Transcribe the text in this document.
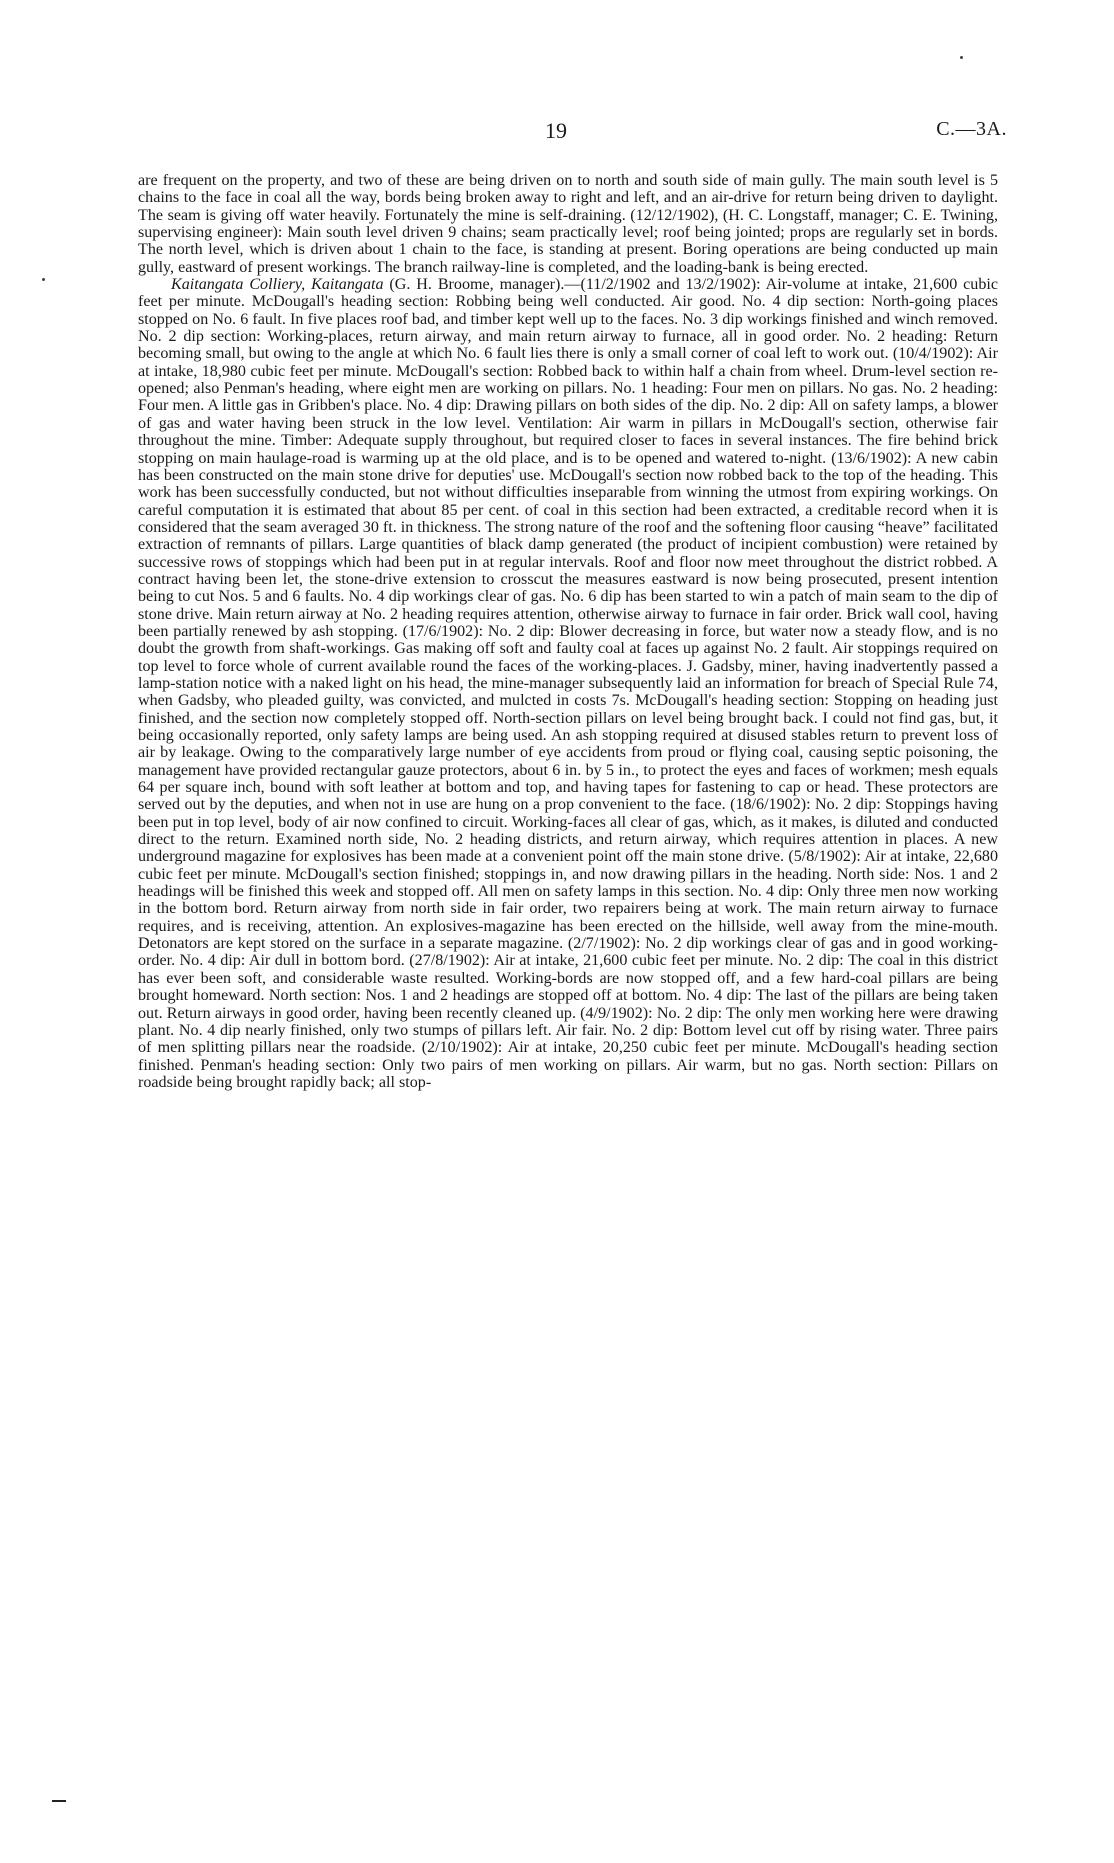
19	C.—3A.

are frequent on the property, and two of these are being driven on to north and south side of main gully. The main south level is 5 chains to the face in coal all the way, bords being broken away to right and left, and an air-drive for return being driven to daylight. The seam is giving off water heavily. Fortunately the mine is self-draining. (12/12/1902), (H. C. Longstaff, manager; C. E. Twining, supervising engineer): Main south level driven 9 chains; seam practically level; roof being jointed; props are regularly set in bords. The north level, which is driven about 1 chain to the face, is standing at present. Boring operations are being conducted up main gully, eastward of present workings. The branch railway-line is completed, and the loading-bank is being erected.

Kaitangata Colliery, Kaitangata (G. H. Broome, manager).—(11/2/1902 and 13/2/1902): Air-volume at intake, 21,600 cubic feet per minute. McDougall's heading section: Robbing being well conducted. Air good. No. 4 dip section: North-going places stopped on No. 6 fault. In five places roof bad, and timber kept well up to the faces. No. 3 dip workings finished and winch removed. No. 2 dip section: Working-places, return airway, and main return airway to furnace, all in good order. No. 2 heading: Return becoming small, but owing to the angle at which No. 6 fault lies there is only a small corner of coal left to work out. (10/4/1902): Air at intake, 18,980 cubic feet per minute. McDougall's section: Robbed back to within half a chain from wheel. Drum-level section re-opened; also Penman's heading, where eight men are working on pillars. No. 1 heading: Four men on pillars. No gas. No. 2 heading: Four men. A little gas in Gribben's place. No. 4 dip: Drawing pillars on both sides of the dip. No. 2 dip: All on safety lamps, a blower of gas and water having been struck in the low level. Ventilation: Air warm in pillars in McDougall's section, otherwise fair throughout the mine. Timber: Adequate supply throughout, but required closer to faces in several instances. The fire behind brick stopping on main haulage-road is warming up at the old place, and is to be opened and watered to-night. (13/6/1902): A new cabin has been constructed on the main stone drive for deputies' use. McDougall's section now robbed back to the top of the heading. This work has been successfully conducted, but not without difficulties inseparable from winning the utmost from expiring workings. On careful computation it is estimated that about 85 per cent. of coal in this section had been extracted, a creditable record when it is considered that the seam averaged 30 ft. in thickness. The strong nature of the roof and the softening floor causing “heave” facilitated extraction of remnants of pillars. Large quantities of black damp generated (the product of incipient combustion) were retained by successive rows of stoppings which had been put in at regular intervals. Roof and floor now meet throughout the district robbed. A contract having been let, the stone-drive extension to crosscut the measures eastward is now being prosecuted, present intention being to cut Nos. 5 and 6 faults. No. 4 dip workings clear of gas. No. 6 dip has been started to win a patch of main seam to the dip of stone drive. Main return airway at No. 2 heading requires attention, otherwise airway to furnace in fair order. Brick wall cool, having been partially renewed by ash stopping. (17/6/1902): No. 2 dip: Blower decreasing in force, but water now a steady flow, and is no doubt the growth from shaft-workings. Gas making off soft and faulty coal at faces up against No. 2 fault. Air stoppings required on top level to force whole of current available round the faces of the working-places. J. Gadsby, miner, having inadvertently passed a lamp-station notice with a naked light on his head, the mine-manager subsequently laid an information for breach of Special Rule 74, when Gadsby, who pleaded guilty, was convicted, and mulcted in costs 7s. McDougall's heading section: Stopping on heading just finished, and the section now completely stopped off. North-section pillars on level being brought back. I could not find gas, but, it being occasionally reported, only safety lamps are being used. An ash stopping required at disused stables return to prevent loss of air by leakage. Owing to the comparatively large number of eye accidents from proud or flying coal, causing septic poisoning, the management have provided rectangular gauze protectors, about 6 in. by 5 in., to protect the eyes and faces of workmen; mesh equals 64 per square inch, bound with soft leather at bottom and top, and having tapes for fastening to cap or head. These protectors are served out by the deputies, and when not in use are hung on a prop convenient to the face. (18/6/1902): No. 2 dip: Stoppings having been put in top level, body of air now confined to circuit. Working-faces all clear of gas, which, as it makes, is diluted and conducted direct to the return. Examined north side, No. 2 heading districts, and return airway, which requires attention in places. A new underground magazine for explosives has been made at a convenient point off the main stone drive. (5/8/1902): Air at intake, 22,680 cubic feet per minute. McDougall's section finished; stoppings in, and now drawing pillars in the heading. North side: Nos. 1 and 2 headings will be finished this week and stopped off. All men on safety lamps in this section. No. 4 dip: Only three men now working in the bottom bord. Return airway from north side in fair order, two repairers being at work. The main return airway to furnace requires, and is receiving, attention. An explosives-magazine has been erected on the hillside, well away from the mine-mouth. Detonators are kept stored on the surface in a separate magazine. (2/7/1902): No. 2 dip workings clear of gas and in good working-order. No. 4 dip: Air dull in bottom bord. (27/8/1902): Air at intake, 21,600 cubic feet per minute. No. 2 dip: The coal in this district has ever been soft, and considerable waste resulted. Working-bords are now stopped off, and a few hard-coal pillars are being brought homeward. North section: Nos. 1 and 2 headings are stopped off at bottom. No. 4 dip: The last of the pillars are being taken out. Return airways in good order, having been recently cleaned up. (4/9/1902): No. 2 dip: The only men working here were drawing plant. No. 4 dip nearly finished, only two stumps of pillars left. Air fair. No. 2 dip: Bottom level cut off by rising water. Three pairs of men splitting pillars near the roadside. (2/10/1902): Air at intake, 20,250 cubic feet per minute. McDougall's heading section finished. Penman's heading section: Only two pairs of men working on pillars. Air warm, but no gas. North section: Pillars on roadside being brought rapidly back; all stop-
